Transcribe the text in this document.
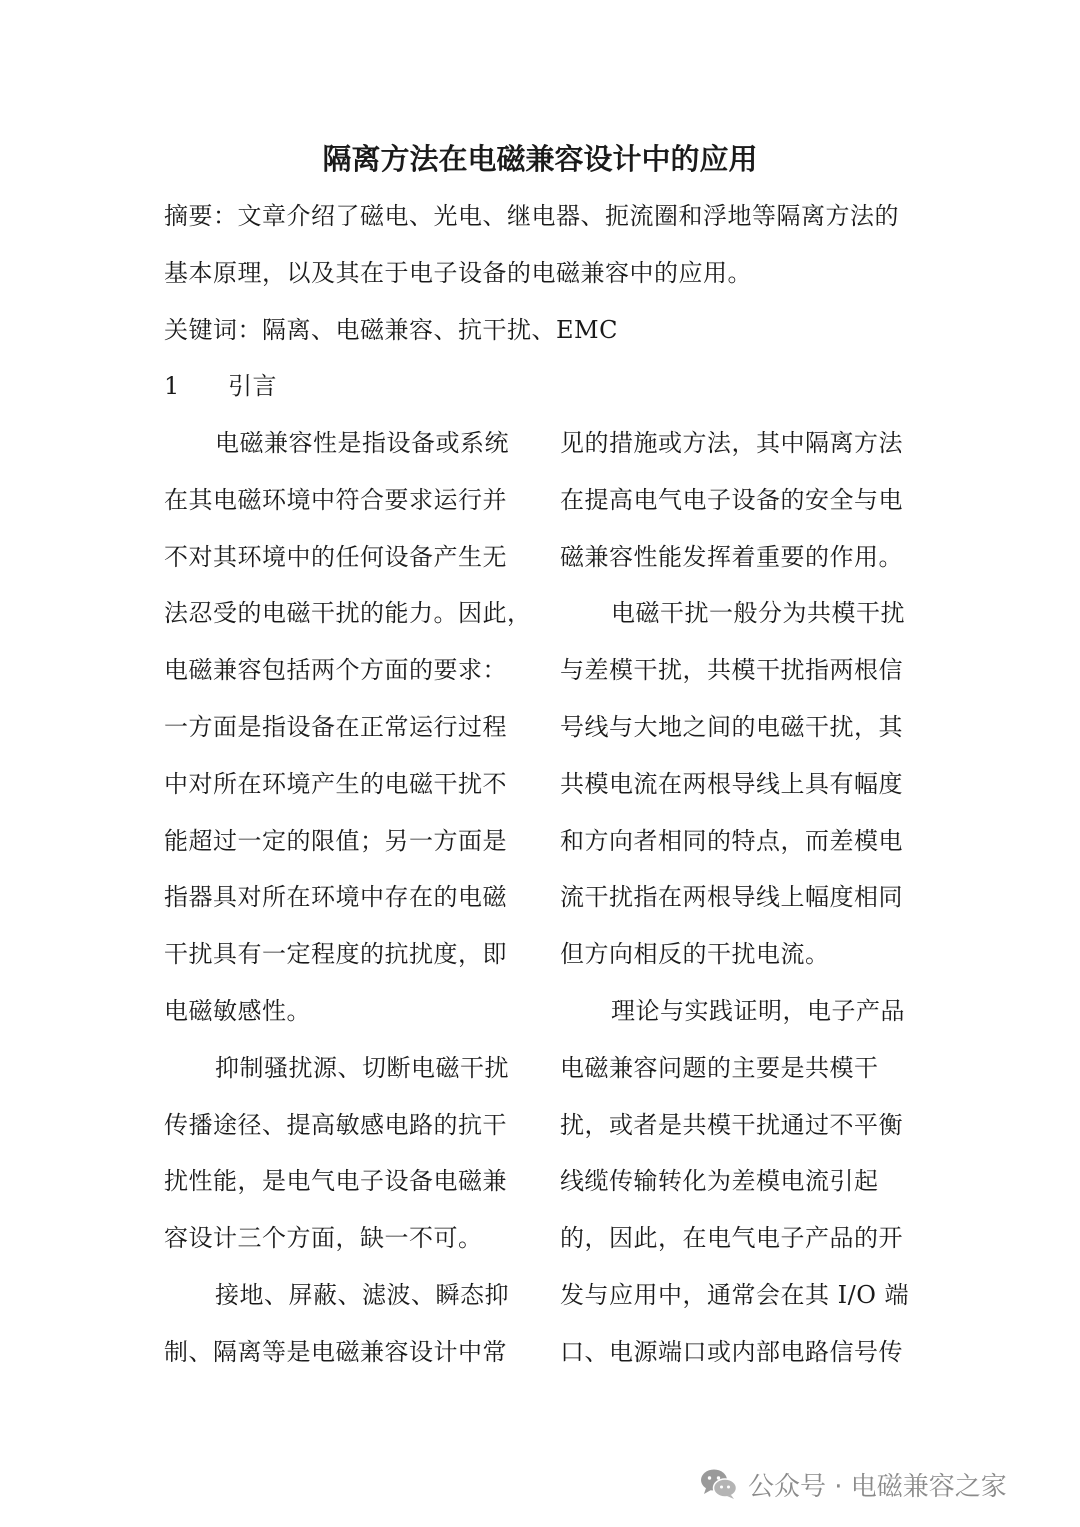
隔离方法在电磁兼容设计中的应用
摘要：文章介绍了磁电、光电、继电器、扼流圈和浮地等隔离方法的
基本原理，以及其在于电子设备的电磁兼容中的应用。
关键词：隔离、电磁兼容、抗干扰、EMC
1 引言
电磁兼容性是指设备或系统
在其电磁环境中符合要求运行并
不对其环境中的任何设备产生无
法忍受的电磁干扰的能力。因此，
电磁兼容包括两个方面的要求：
一方面是指设备在正常运行过程
中对所在环境产生的电磁干扰不
能超过一定的限值；另一方面是
指器具对所在环境中存在的电磁
干扰具有一定程度的抗扰度，即
电磁敏感性。
抑制骚扰源、切断电磁干扰
传播途径、提高敏感电路的抗干
扰性能，是电气电子设备电磁兼
容设计三个方面，缺一不可。
接地、屏蔽、滤波、瞬态抑
制、隔离等是电磁兼容设计中常
见的措施或方法，其中隔离方法
在提高电气电子设备的安全与电
磁兼容性能发挥着重要的作用。
电磁干扰一般分为共模干扰
与差模干扰，共模干扰指两根信
号线与大地之间的电磁干扰，其
共模电流在两根导线上具有幅度
和方向者相同的特点，而差模电
流干扰指在两根导线上幅度相同
但方向相反的干扰电流。
理论与实践证明，电子产品
电磁兼容问题的主要是共模干
扰，或者是共模干扰通过不平衡
线缆传输转化为差模电流引起
的，因此，在电气电子产品的开
发与应用中，通常会在其 I/O 端
口、电源端口或内部电路信号传
公众号 · 电磁兼容之家
